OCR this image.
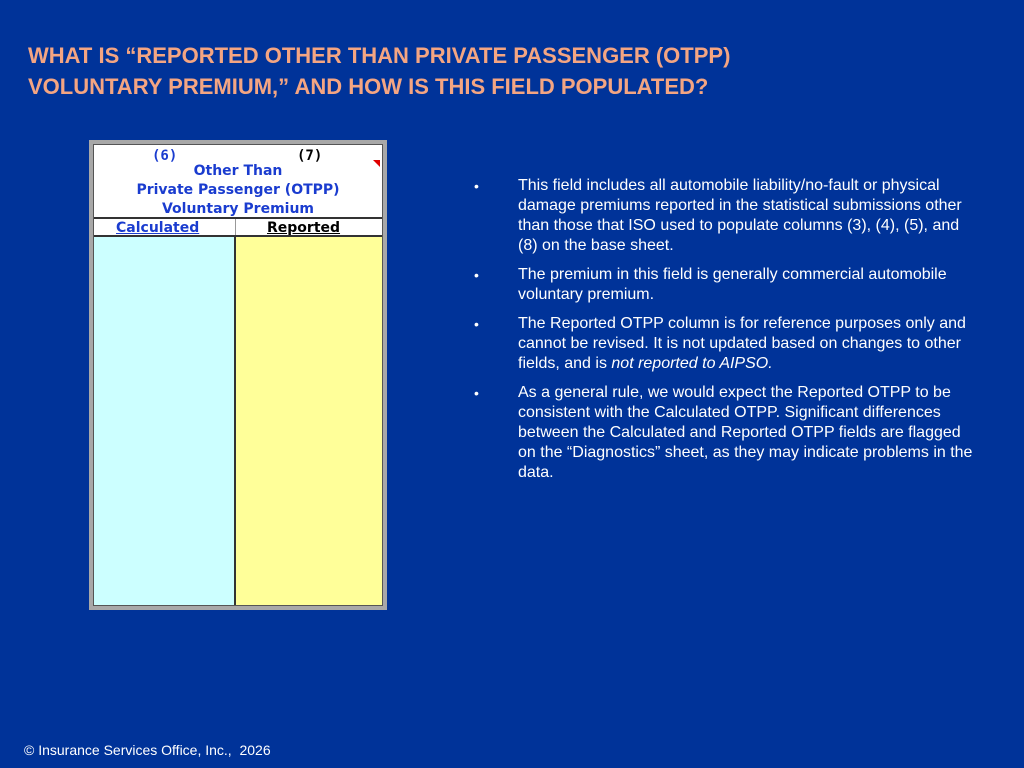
WHAT IS “REPORTED OTHER THAN PRIVATE PASSENGER (OTPP)
VOLUNTARY PREMIUM,” AND HOW IS THIS FIELD POPULATED?
(6)	(7)
Other Than
Private Passenger (OTPP)
Voluntary Premium
Calculated	Reported
• This field includes all automobile liability/no-fault or physical damage premiums reported in the statistical submissions other than those that ISO used to populate columns (3), (4), (5), and (8) on the base sheet.
• The premium in this field is generally commercial automobile voluntary premium.
• The Reported OTPP column is for reference purposes only and cannot be revised. It is not updated based on changes to other fields, and is not reported to AIPSO.
• As a general rule, we would expect the Reported OTPP to be consistent with the Calculated OTPP. Significant differences between the Calculated and Reported OTPP fields are flagged on the “Diagnostics” sheet, as they may indicate problems in the data.
© Insurance Services Office, Inc.,  2026
